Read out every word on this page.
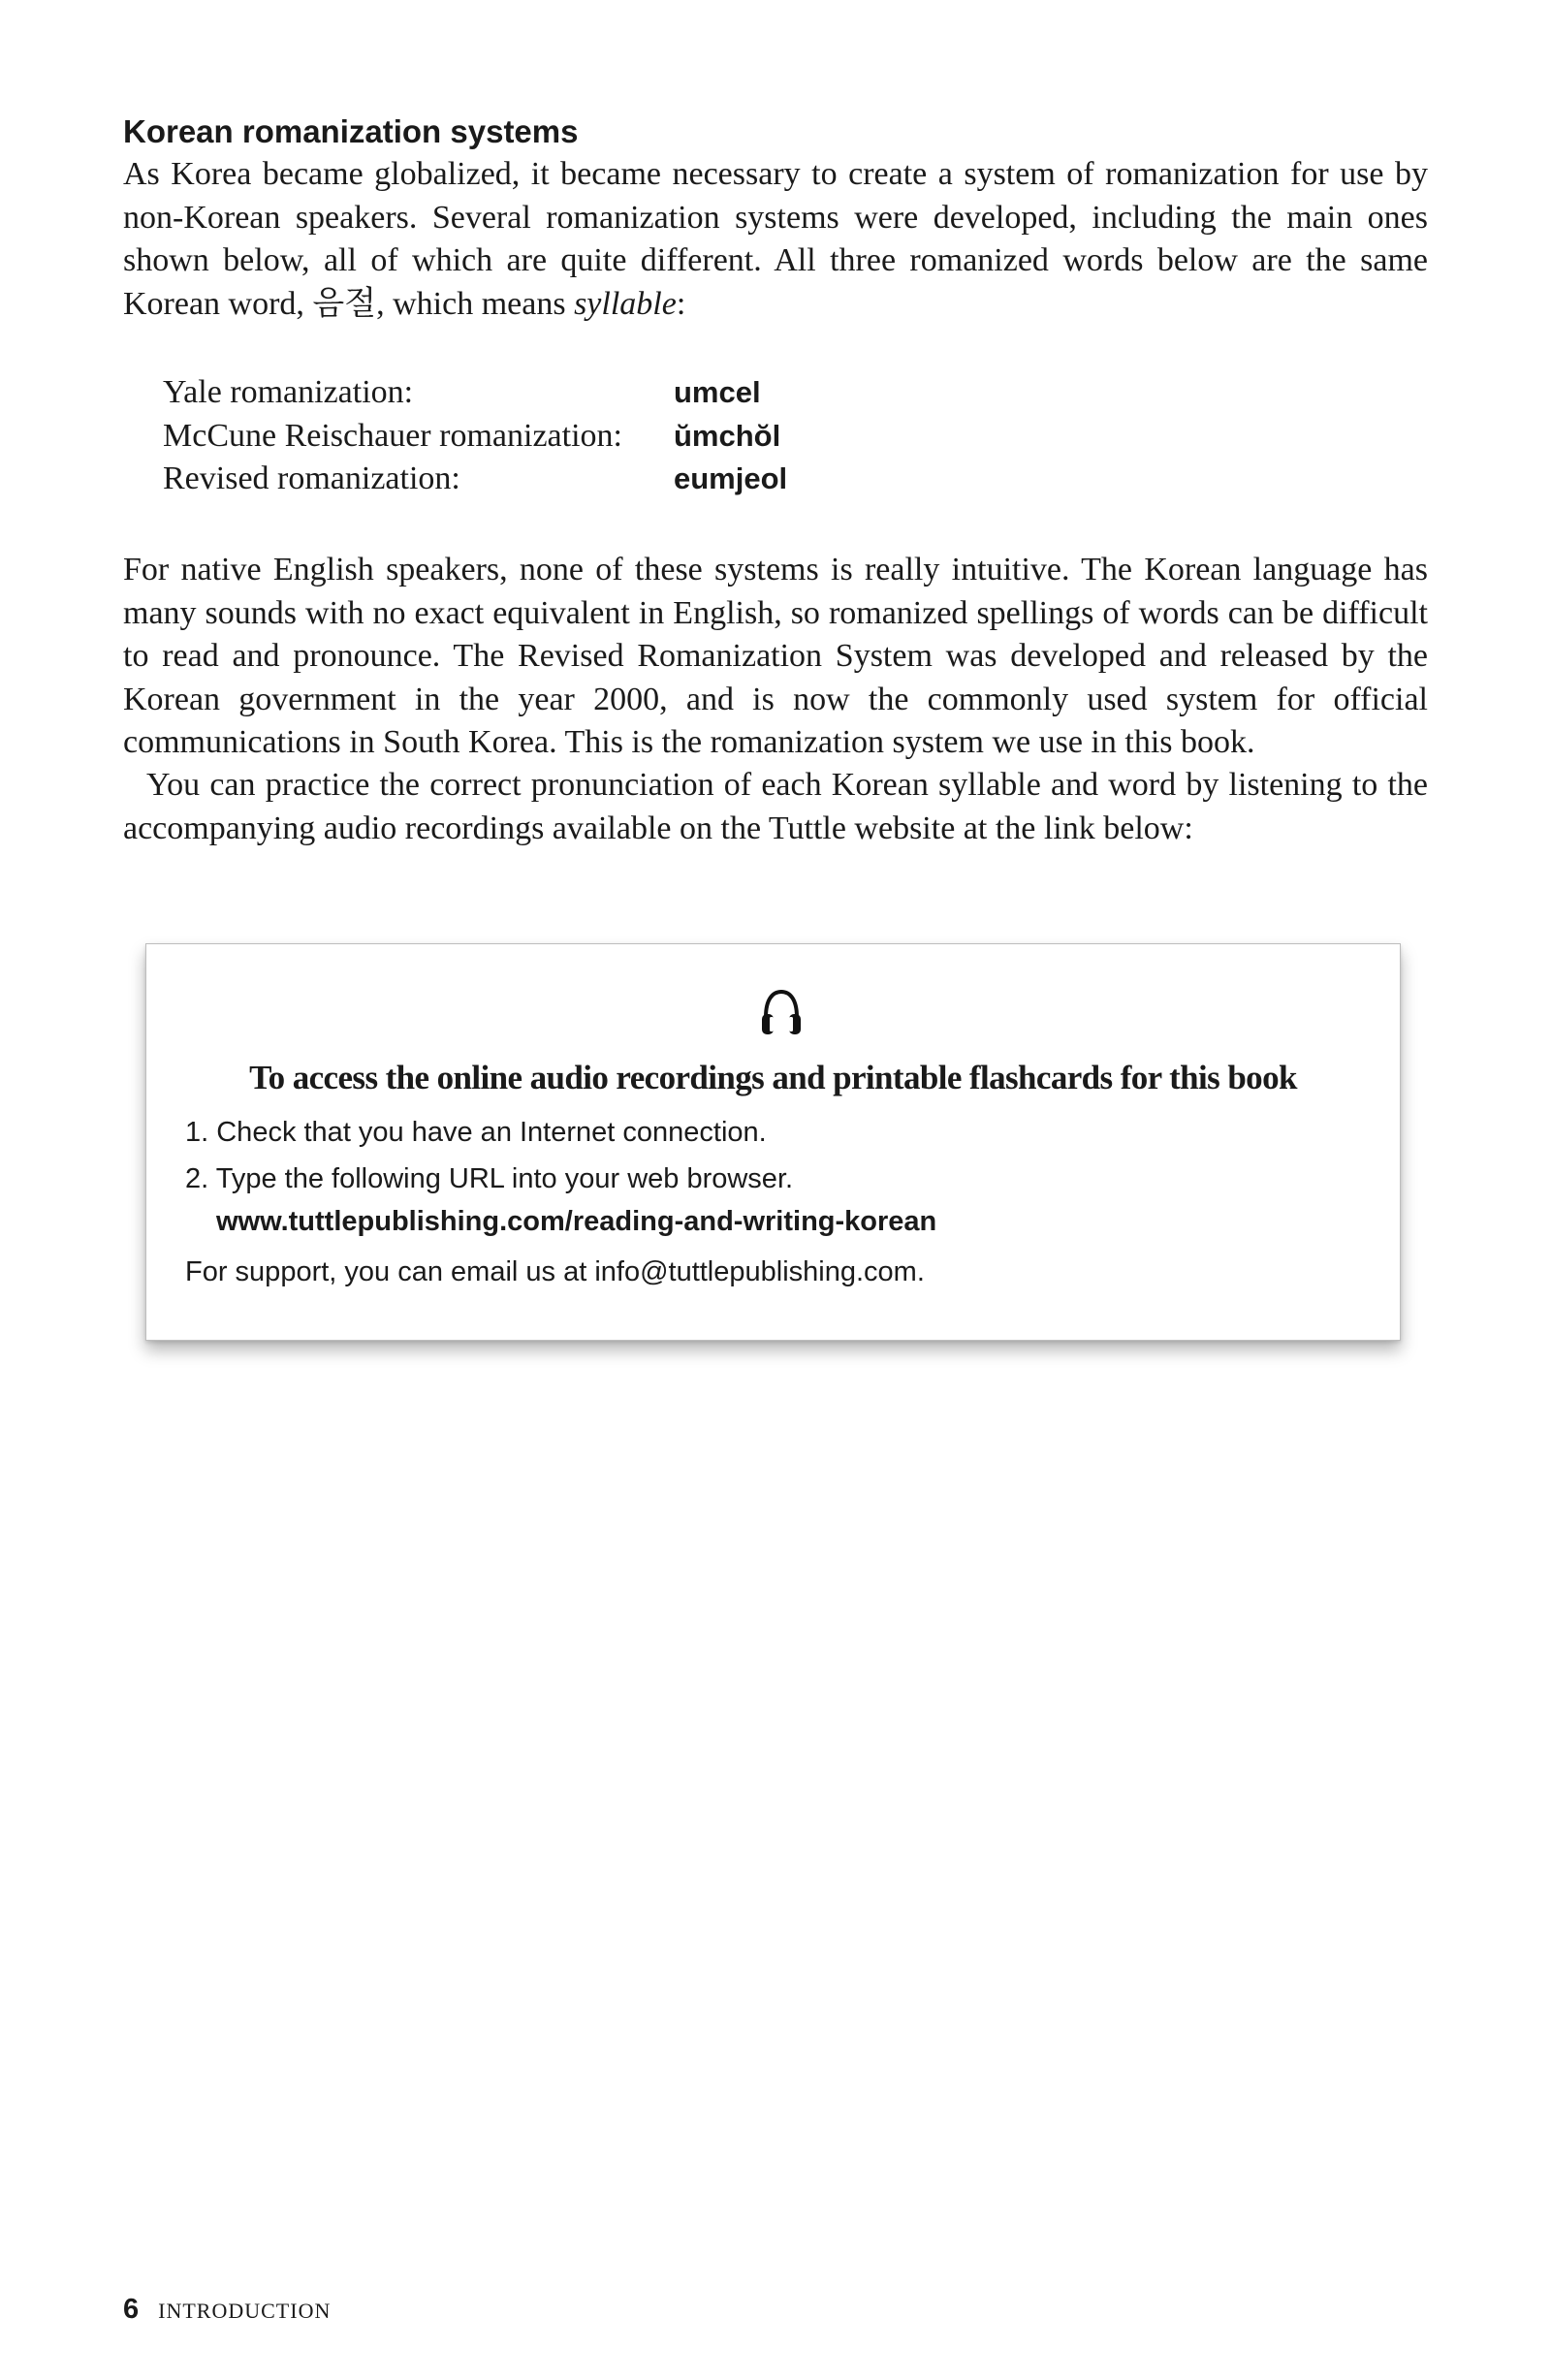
Korean romanization systems

As Korea became globalized, it became necessary to create a system of romanization for use by non-Korean speakers. Several romanization systems were developed, including the main ones shown below, all of which are quite different. All three romanized words below are the same Korean word, 음절, which means syllable:

Yale romanization:	umcel
McCune Reischauer romanization:	ŭmchŏl
Revised romanization:	eumjeol

For native English speakers, none of these systems is really intuitive. The Korean language has many sounds with no exact equivalent in English, so romanized spellings of words can be difficult to read and pronounce. The Revised Romanization System was developed and released by the Korean government in the year 2000, and is now the commonly used system for official communications in South Korea. This is the romanization system we use in this book.

You can practice the correct pronunciation of each Korean syllable and word by listening to the accompanying audio recordings available on the Tuttle website at the link below:

To access the online audio recordings and printable flashcards for this book

1. Check that you have an Internet connection.

2. Type the following URL into your web browser.

www.tuttlepublishing.com/reading-and-writing-korean

For support, you can email us at info@tuttlepublishing.com.

6 INTRODUCTION
